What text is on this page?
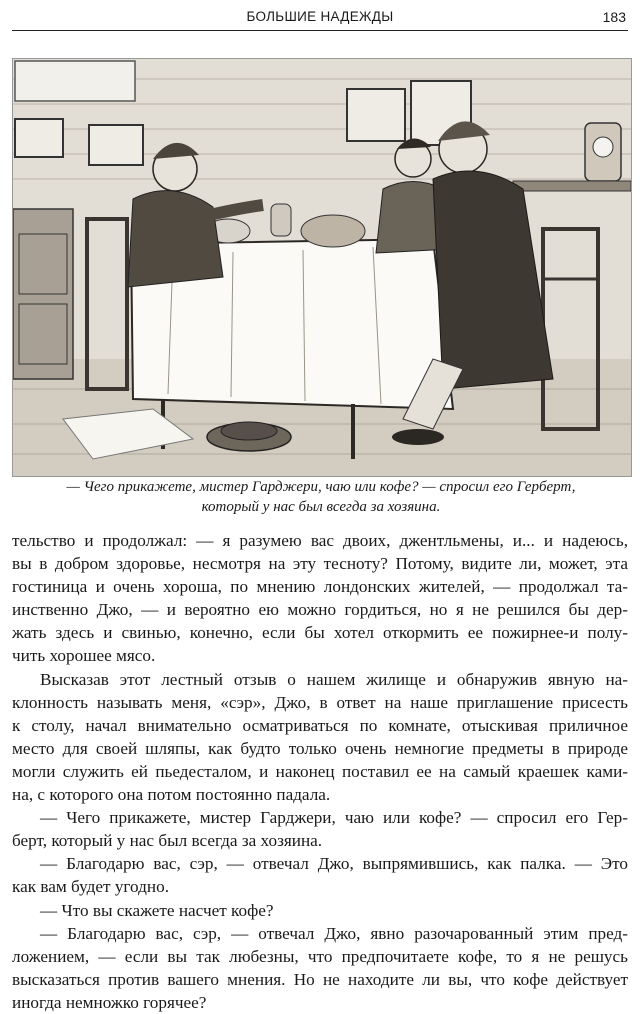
БОЛЬШИЕ НАДЕЖДЫ	183
— Чего прикажете, мистер Гарджери, чаю или кофе? — спросил его Герберт,
который у нас был всегда за хозяина.
тельство и продолжал: — я разумею вас двоих, джентльмены, и... и надеюсь,
вы в добром здоровье, несмотря на эту тесноту? Потому, видите ли, может, эта
гостиница и очень хороша, по мнению лондонских жителей, — продолжал та-
инственно Джо, — и вероятно ею можно гордиться, но я не решился бы дер-
жать здесь и свинью, конечно, если бы хотел откормить ее пожирнее-и полу-
чить хорошее мясо.
Высказав этот лестный отзыв о нашем жилище и обнаружив явную на-
клонность называть меня, «сэр», Джо, в ответ на наше приглашение присесть
к столу, начал внимательно осматриваться по комнате, отыскивая приличное
место для своей шляпы, как будто только очень немногие предметы в природе
могли служить ей пьедесталом, и наконец поставил ее на самый краешек ками-
на, с которого она потом постоянно падала.
— Чего прикажете, мистер Гарджери, чаю или кофе? — спросил его Гер-
берт, который у нас был всегда за хозяина.
— Благодарю вас, сэр, — отвечал Джо, выпрямившись, как палка. — Это
как вам будет угодно.
— Что вы скажете насчет кофе?
— Благодарю вас, сэр, — отвечал Джо, явно разочарованный этим пред-
ложением, — если вы так любезны, что предпочитаете кофе, то я не решусь
высказаться против вашего мнения. Но не находите ли вы, что кофе действует
иногда немножко горячее?
